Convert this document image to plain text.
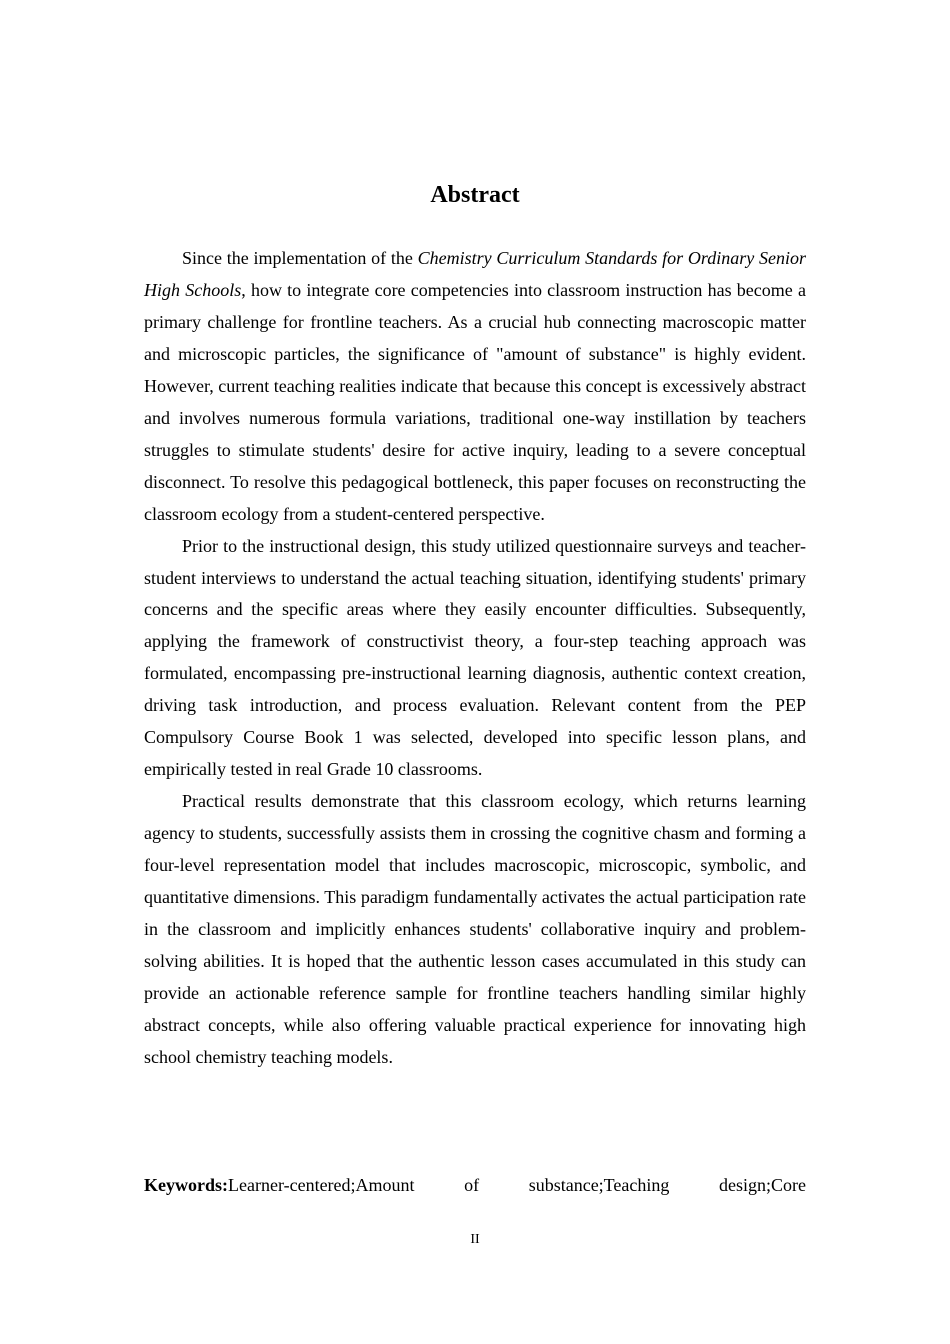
Abstract

Since the implementation of the Chemistry Curriculum Standards for Ordinary Senior High Schools, how to integrate core competencies into classroom instruction has become a primary challenge for frontline teachers. As a crucial hub connecting macroscopic matter and microscopic particles, the significance of "amount of substance" is highly evident. However, current teaching realities indicate that because this concept is excessively abstract and involves numerous formula variations, traditional one-way instillation by teachers struggles to stimulate students' desire for active inquiry, leading to a severe conceptual disconnect. To resolve this pedagogical bottleneck, this paper focuses on reconstructing the classroom ecology from a student-centered perspective.

Prior to the instructional design, this study utilized questionnaire surveys and teacher-student interviews to understand the actual teaching situation, identifying students' primary concerns and the specific areas where they easily encounter difficulties. Subsequently, applying the framework of constructivist theory, a four-step teaching approach was formulated, encompassing pre-instructional learning diagnosis, authentic context creation, driving task introduction, and process evaluation. Relevant content from the PEP Compulsory Course Book 1 was selected, developed into specific lesson plans, and empirically tested in real Grade 10 classrooms.

Practical results demonstrate that this classroom ecology, which returns learning agency to students, successfully assists them in crossing the cognitive chasm and forming a four-level representation model that includes macroscopic, microscopic, symbolic, and quantitative dimensions. This paradigm fundamentally activates the actual participation rate in the classroom and implicitly enhances students' collaborative inquiry and problem-solving abilities. It is hoped that the authentic lesson cases accumulated in this study can provide an actionable reference sample for frontline teachers handling similar highly abstract concepts, while also offering valuable practical experience for innovating high school chemistry teaching models.

Keywords:Learner-centered;Amount	of	substance;Teaching	design;Core
II
